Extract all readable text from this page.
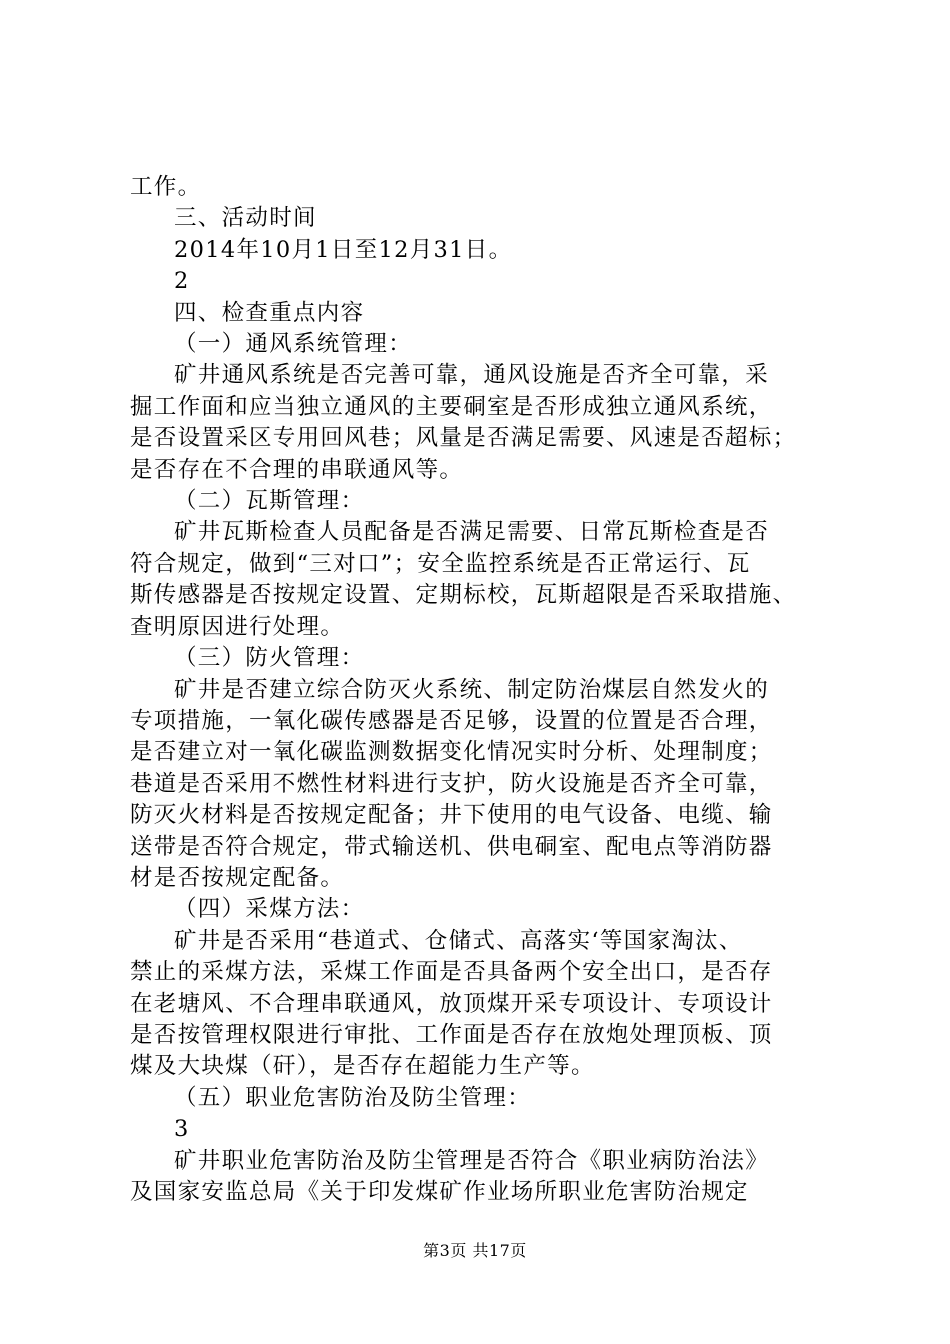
工作。
三、活动时间
2014年10月1日至12月31日。
2
四、检查重点内容
（一）通风系统管理：
矿井通风系统是否完善可靠，通风设施是否齐全可靠，采
掘工作面和应当独立通风的主要硐室是否形成独立通风系统，
是否设置采区专用回风巷；风量是否满足需要、风速是否超标；
是否存在不合理的串联通风等。
（二）瓦斯管理：
矿井瓦斯检查人员配备是否满足需要、日常瓦斯检查是否
符合规定，做到“三对口”；安全监控系统是否正常运行、瓦
斯传感器是否按规定设置、定期标校，瓦斯超限是否采取措施、
查明原因进行处理。
（三）防火管理：
矿井是否建立综合防灭火系统、制定防治煤层自然发火的
专项措施，一氧化碳传感器是否足够，设置的位置是否合理，
是否建立对一氧化碳监测数据变化情况实时分析、处理制度；
巷道是否采用不燃性材料进行支护，防火设施是否齐全可靠，
防灭火材料是否按规定配备；井下使用的电气设备、电缆、输
送带是否符合规定，带式输送机、供电硐室、配电点等消防器
材是否按规定配备。
（四）采煤方法：
矿井是否采用“巷道式、仓储式、高落实‘等国家淘汰、
禁止的采煤方法，采煤工作面是否具备两个安全出口，是否存
在老塘风、不合理串联通风，放顶煤开采专项设计、专项设计
是否按管理权限进行审批、工作面是否存在放炮处理顶板、顶
煤及大块煤（矸），是否存在超能力生产等。
（五）职业危害防治及防尘管理：
3
矿井职业危害防治及防尘管理是否符合《职业病防治法》
及国家安监总局《关于印发煤矿作业场所职业危害防治规定
第3页 共17页
